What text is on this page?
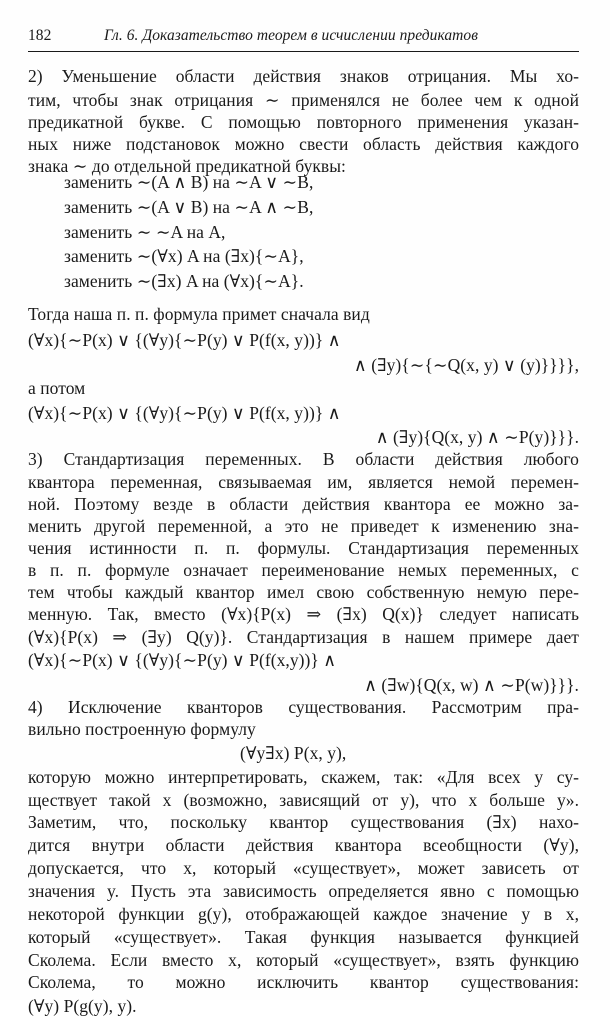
182	Гл. 6. Доказательство теорем в исчислении предикатов
2) Уменьшение области действия знаков отрицания. Мы хо-
тим, чтобы знак отрицания ∼ применялся не более чем к одной
предикатной букве. С помощью повторного применения указан-
ных ниже подстановок можно свести область действия каждого
знака ∼ до отдельной предикатной буквы:
заменить ∼(A ∧ B) на ∼A ∨ ∼B,
заменить ∼(A ∨ B) на ∼A ∧ ∼B,
заменить ∼ ∼A на A,
заменить ∼(∀x) A на (∃x){∼A},
заменить ∼(∃x) A на (∀x){∼A}.
Тогда наша п. п. формула примет сначала вид
(∀x){∼P(x) ∨ {(∀y){∼P(y) ∨ P(f(x, y))} ∧
∧ (∃y){∼{∼Q(x, y) ∨ (y)}}}},
а потом
(∀x){∼P(x) ∨ {(∀y){∼P(y) ∨ P(f(x, y))} ∧
∧ (∃y){Q(x, y) ∧ ∼P(y)}}}.
3) Стандартизация переменных. В области действия любого
квантора переменная, связываемая им, является немой перемен-
ной. Поэтому везде в области действия квантора ее можно за-
менить другой переменной, а это не приведет к изменению зна-
чения истинности п. п. формулы. Стандартизация переменных
в п. п. формуле означает переименование немых переменных, с
тем чтобы каждый квантор имел свою собственную немую пере-
менную. Так, вместо (∀x){P(x) ⇒ (∃x) Q(x)} следует написать
(∀x){P(x) ⇒ (∃y) Q(y)}. Стандартизация в нашем примере дает
(∀x){∼P(x) ∨ {(∀y){∼P(y) ∨ P(f(x,y))} ∧
∧ (∃w){Q(x, w) ∧ ∼P(w)}}}.
4) Исключение кванторов существования. Рассмотрим пра-
вильно построенную формулу
(∀y∃x) P(x, y),
которую можно интерпретировать, скажем, так: «Для всех y су-
ществует такой x (возможно, зависящий от y), что x больше y».
Заметим, что, поскольку квантор существования (∃x) нахо-
дится внутри области действия квантора всеобщности (∀y),
допускается, что x, который «существует», может зависеть от
значения y. Пусть эта зависимость определяется явно с помощью
некоторой функции g(y), отображающей каждое значение y в x,
который «существует». Такая функция называется функцией
Сколема. Если вместо x, который «существует», взять функцию
Сколема, то можно исключить квантор существования:
(∀y) P(g(y), y).
